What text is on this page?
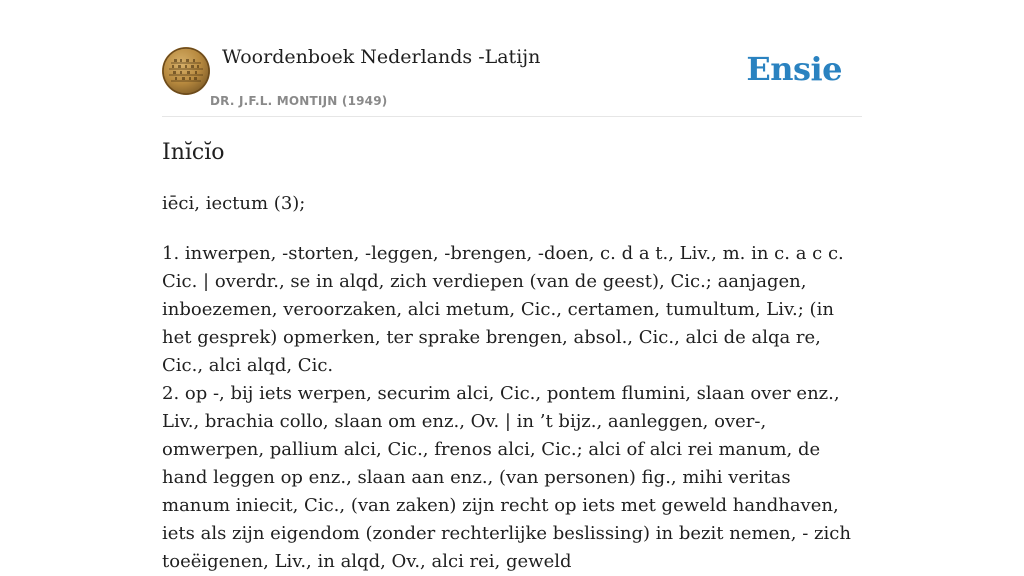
Woordenboek Nederlands -Latijn
DR. J.F.L. MONTIJN (1949)
Ensie
Inĭcĭo
iēci, iectum (3);

1. inwerpen, -storten, -leggen, -brengen, -doen, c. d a t., Liv., m. in c. a c c. Cic. | overdr., se in alqd, zich verdiepen (van de geest), Cic.; aanjagen, inboezemen, veroorzaken, alci metum, Cic., certamen, tumultum, Liv.; (in het gesprek) opmerken, ter sprake brengen, absol., Cic., alci de alqa re, Cic., alci alqd, Cic.

2. op -, bij iets werpen, securim alci, Cic., pontem flumini, slaan over enz., Liv., brachia collo, slaan om enz., Ov. | in ’t bijz., aanleggen, over-, omwerpen, pallium alci, Cic., frenos alci, Cic.; alci of alci rei manum, de hand leggen op enz., slaan aan enz., (van personen) fig., mihi veritas manum iniecit, Cic., (van zaken) zijn recht op iets met geweld handhaven, iets als zijn eigendom (zonder rechterlijke beslissing) in bezit nemen, - zich toeëigenen, Liv., in alqd, Ov., alci rei, geweld
